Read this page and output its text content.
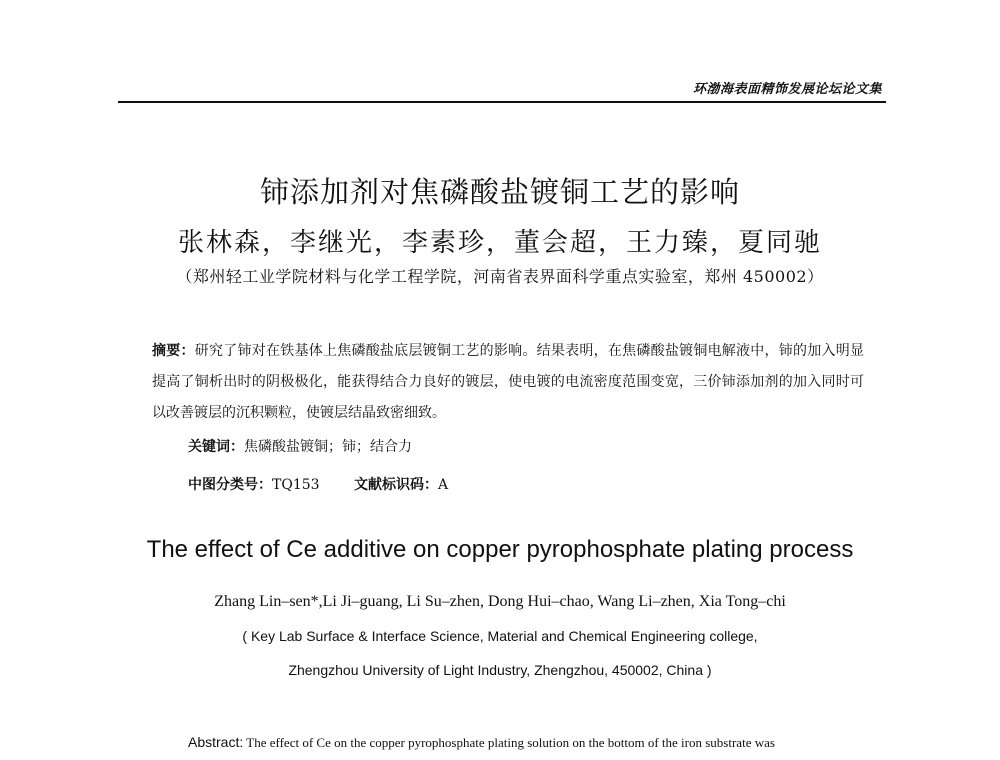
环渤海表面精饰发展论坛论文集
铈添加剂对焦磷酸盐镀铜工艺的影响
张林森，李继光，李素珍，董会超，王力臻，夏同驰
（郑州轻工业学院材料与化学工程学院，河南省表界面科学重点实验室，郑州 450002）
摘要：研究了铈对在铁基体上焦磷酸盐底层镀铜工艺的影响。结果表明，在焦磷酸盐镀铜电解液中，铈的加入明显提高了铜析出时的阴极极化，能获得结合力良好的镀层，使电镀的电流密度范围变宽，三价铈添加剂的加入同时可以改善镀层的沉积颗粒，使镀层结晶致密细致。
关键词：焦磷酸盐镀铜；铈；结合力
中图分类号：TQ153 文献标识码：A
The effect of Ce additive on copper pyrophosphate plating process
Zhang Lin–sen*,Li Ji–guang, Li Su–zhen, Dong Hui–chao, Wang Li–zhen, Xia Tong–chi
( Key Lab Surface & Interface Science, Material and Chemical Engineering college,
Zhengzhou University of Light Industry, Zhengzhou, 450002, China )
Abstract: The effect of Ce on the copper pyrophosphate plating solution on the bottom of the iron substrate was
